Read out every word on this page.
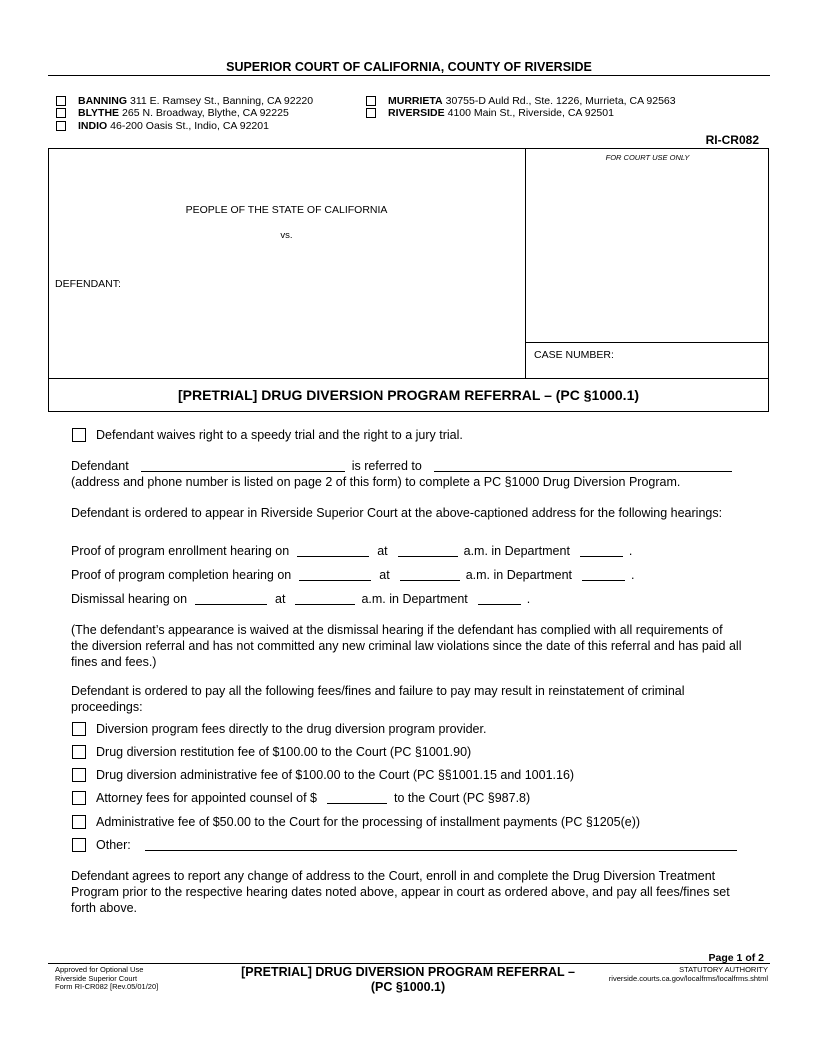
SUPERIOR COURT OF CALIFORNIA, COUNTY OF RIVERSIDE
BANNING 311 E. Ramsey St., Banning, CA 92220
BLYTHE 265 N. Broadway, Blythe, CA 92225
INDIO 46-200 Oasis St., Indio, CA 92201
MURRIETA 30755-D Auld Rd., Ste. 1226, Murrieta, CA 92563
RIVERSIDE 4100 Main St., Riverside, CA 92501
RI-CR082
PEOPLE OF THE STATE OF CALIFORNIA
vs.
DEFENDANT:
FOR COURT USE ONLY
CASE NUMBER:
[PRETRIAL] DRUG DIVERSION PROGRAM REFERRAL – (PC §1000.1)
Defendant waives right to a speedy trial and the right to a jury trial.
Defendant	is referred to
(address and phone number is listed on page 2 of this form) to complete a PC §1000 Drug Diversion Program.
Defendant is ordered to appear in Riverside Superior Court at the above-captioned address for the following hearings:
Proof of program enrollment hearing on	at	a.m. in Department	.
Proof of program completion hearing on	at	a.m. in Department	.
Dismissal hearing on	at	a.m. in Department	.
(The defendant’s appearance is waived at the dismissal hearing if the defendant has complied with all requirements of the diversion referral and has not committed any new criminal law violations since the date of this referral and has paid all fines and fees.)
Defendant is ordered to pay all the following fees/fines and failure to pay may result in reinstatement of criminal proceedings:
Diversion program fees directly to the drug diversion program provider.
Drug diversion restitution fee of $100.00 to the Court (PC §1001.90)
Drug diversion administrative fee of $100.00 to the Court (PC §§1001.15 and 1001.16)
Attorney fees for appointed counsel of $	to the Court (PC §987.8)
Administrative fee of $50.00 to the Court for the processing of installment payments (PC §1205(e))
Other:
Defendant agrees to report any change of address to the Court, enroll in and complete the Drug Diversion Treatment Program prior to the respective hearing dates noted above, appear in court as ordered above, and pay all fees/fines set forth above.
Page 1 of 2
Approved for Optional Use
Riverside Superior Court
Form RI-CR082 [Rev.05/01/20]
[PRETRIAL] DRUG DIVERSION PROGRAM REFERRAL –
(PC §1000.1)
STATUTORY AUTHORITY
riverside.courts.ca.gov/localfrms/localfrms.shtml
